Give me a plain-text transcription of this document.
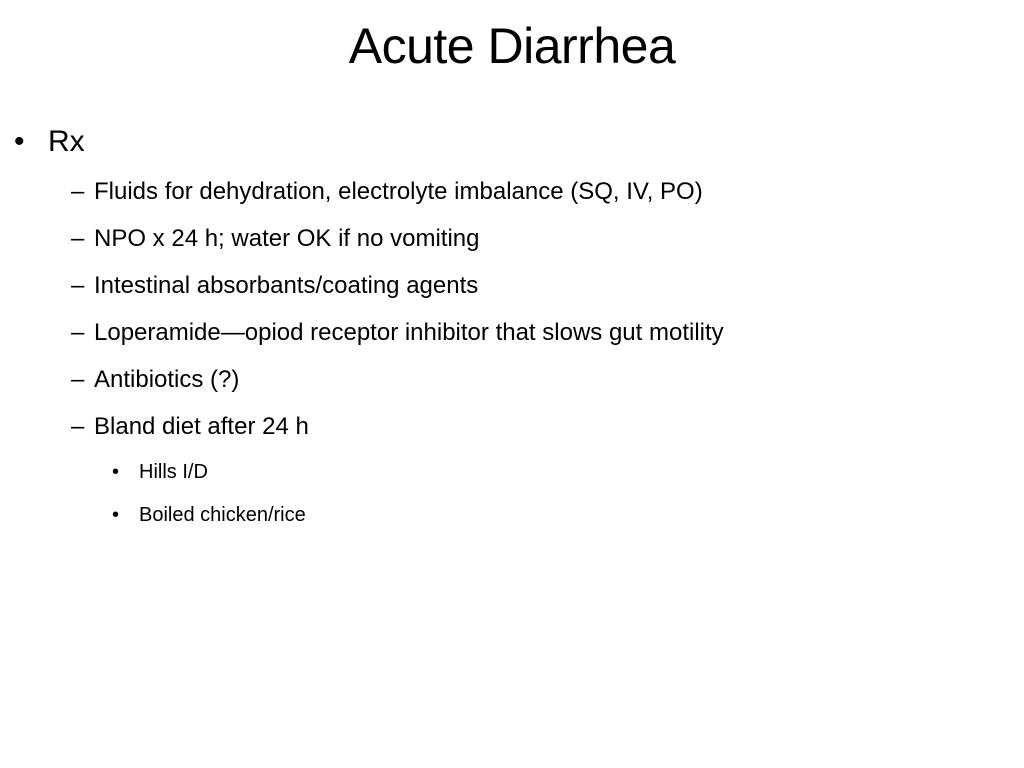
Acute Diarrhea
• Rx
– Fluids for dehydration, electrolyte imbalance (SQ, IV, PO)
– NPO x 24 h; water OK if no vomiting
– Intestinal absorbants/coating agents
– Loperamide—opiod receptor inhibitor that slows gut motility
– Antibiotics (?)
– Bland diet after 24 h
• Hills I/D
• Boiled chicken/rice
